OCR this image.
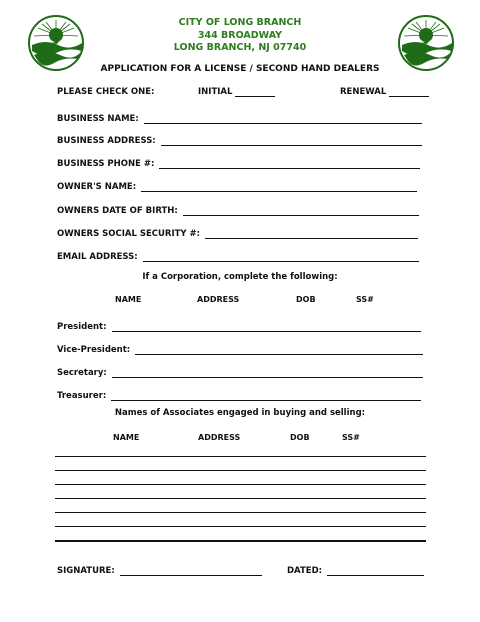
CITY OF LONG BRANCH
344 BROADWAY
LONG BRANCH, NJ 07740
APPLICATION FOR A LICENSE / SECOND HAND DEALERS
PLEASE CHECK ONE:	INITIAL	RENEWAL
BUSINESS NAME:
BUSINESS ADDRESS:
BUSINESS PHONE #:
OWNER'S NAME:
OWNERS DATE OF BIRTH:
OWNERS SOCIAL SECURITY #:
EMAIL ADDRESS:
If a Corporation, complete the following:
NAME	ADDRESS	DOB	SS#
President:
Vice-President:
Secretary:
Treasurer:
Names of Associates engaged in buying and selling:
NAME	ADDRESS	DOB	SS#
SIGNATURE:	DATED:
